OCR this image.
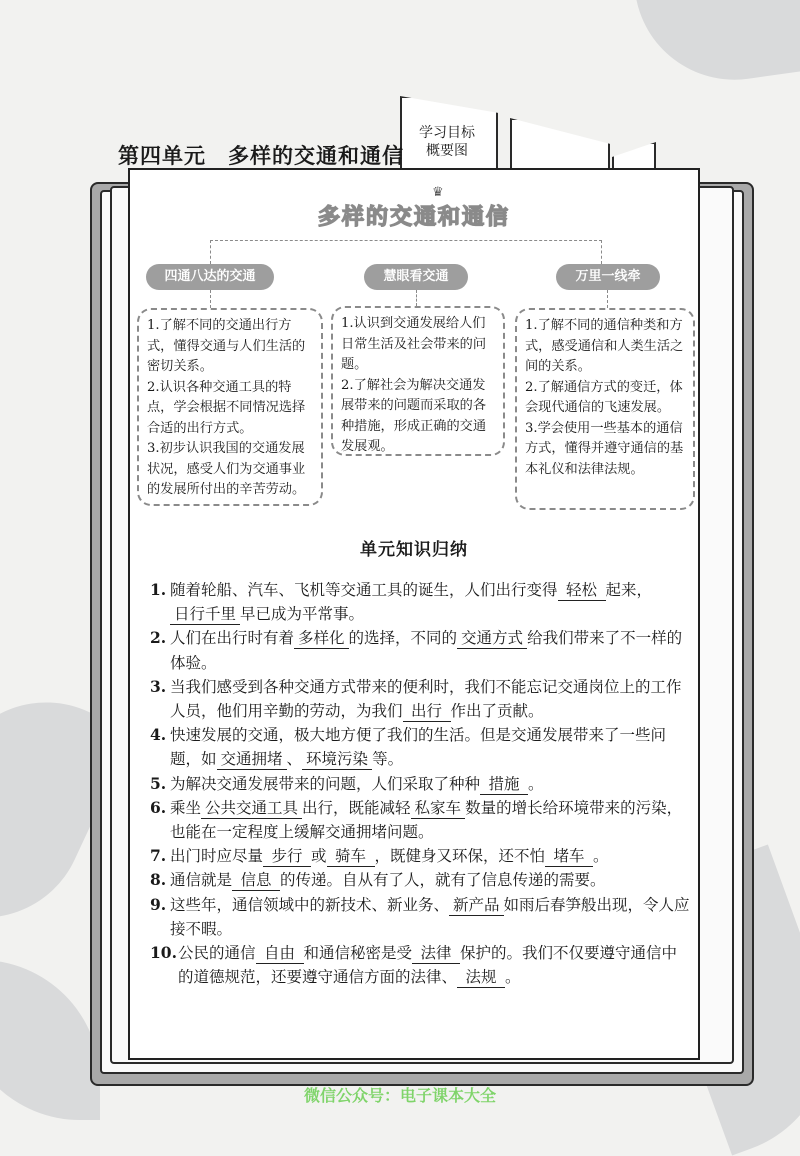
第四单元　多样的交通和通信
学习目标
概要图
♛
多样的交通和通信
四通八达的交通	慧眼看交通	万里一线牵

1.了解不同的交通出行方式，懂得交通与人们生活的密切关系。

2.认识各种交通工具的特点，学会根据不同情况选择合适的出行方式。

3.初步认识我国的交通发展状况，感受人们为交通事业的发展所付出的辛苦劳动。

1.认识到交通发展给人们日常生活及社会带来的问题。

2.了解社会为解决交通发展带来的问题而采取的各种措施，形成正确的交通发展观。

1.了解不同的通信种类和方式，感受通信和人类生活之间的关系。

2.了解通信方式的变迁，体会现代通信的飞速发展。

3.学会使用一些基本的通信方式，懂得并遵守通信的基本礼仪和法律法规。

单元知识归纳
1. 随着轮船、汽车、飞机等交通工具的诞生，人们出行变得 轻松 起来，日行千里 早已成为平常事。
2. 人们在出行时有着 多样化 的选择，不同的 交通方式 给我们带来了不一样的体验。
3. 当我们感受到各种交通方式带来的便利时，我们不能忘记交通岗位上的工作人员，他们用辛勤的劳动，为我们 出行 作出了贡献。
4. 快速发展的交通，极大地方便了我们的生活。但是交通发展带来了一些问题，如 交通拥堵 、 环境污染 等。
5. 为解决交通发展带来的问题，人们采取了种种 措施 。
6. 乘坐 公共交通工具 出行，既能减轻 私家车 数量的增长给环境带来的污染，也能在一定程度上缓解交通拥堵问题。
7. 出门时应尽量 步行 或 骑车 ，既健身又环保，还不怕 堵车 。
8. 通信就是 信息 的传递。自从有了人，就有了信息传递的需要。
9. 这些年，通信领域中的新技术、新业务、 新产品 如雨后春笋般出现，令人应接不暇。
10. 公民的通信 自由 和通信秘密是受 法律 保护的。我们不仅要遵守通信中的道德规范，还要遵守通信方面的法律、 法规 。
微信公众号：电子课本大全
